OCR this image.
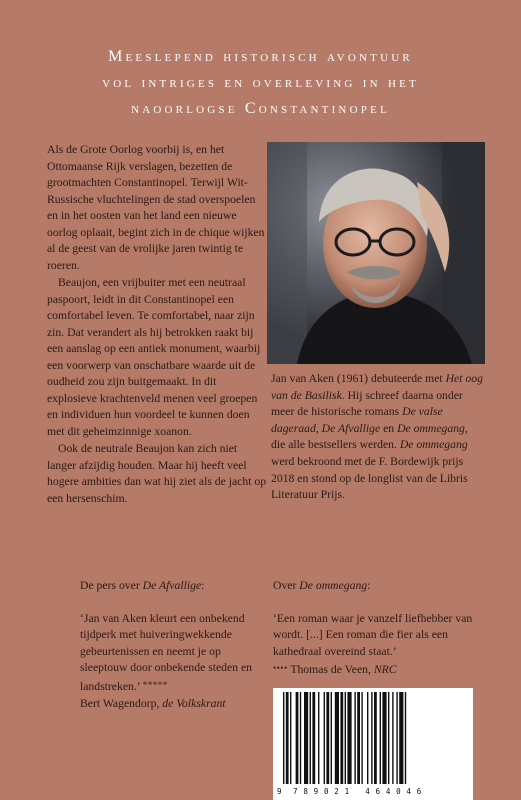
Meeslepend historisch avontuur
vol intriges en overleving in het
naoorlogse Constantinopel

Als de Grote Oorlog voorbij is, en het Ottomaanse Rijk verslagen, bezetten de grootmachten Constantinopel. Terwijl Wit-Russische vluchtelingen de stad overspoelen en in het oosten van het land een nieuwe oorlog oplaait, begint zich in de chique wijken al de geest van de vrolijke jaren twintig te roeren.

Beaujon, een vrijbuiter met een neutraal paspoort, leidt in dit Constantinopel een comfortabel leven. Te comfortabel, naar zijn zin. Dat verandert als hij betrokken raakt bij een aanslag op een antiek monument, waarbij een voorwerp van onschatbare waarde uit de oudheid zou zijn buitgemaakt. In dit explosieve krachtenveld menen veel groepen en individuen hun voordeel te kunnen doen met dit geheimzinnige xoanon.

Ook de neutrale Beaujon kan zich niet langer afzijdig houden. Maar hij heeft veel hogere ambities dan wat hij ziet als de jacht op een hersenschim.

Jan van Aken (1961) debuteerde met Het oog van de Basilisk. Hij schreef daarna onder meer de historische romans De valse dageraad, De Afvallige en De ommegang, die alle bestsellers werden. De ommegang werd bekroond met de F. Bordewijk prijs 2018 en stond op de longlist van de Libris Literatuur Prijs.

De pers over De Afvallige:

‘Jan van Aken kleurt een onbekend tijdperk met huiveringwekkende gebeurtenissen en neemt je op sleeptouw door onbekende steden en landstreken.’ *****

Bert Wagendorp, de Volkskrant

Over De ommegang:

‘Een roman waar je vanzelf liefhebber van wordt. [...] Een roman die fier als een kathedraal overeind staat.’
•••• Thomas de Veen, NRC

9 789021 464046
